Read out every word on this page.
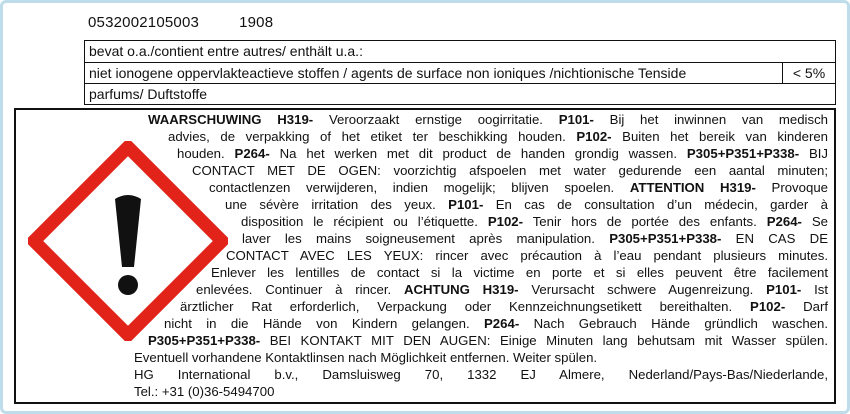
0532002105003	1908
bevat o.a./contient entre autres/ enthält u.a.:
niet ionogene oppervlakteactieve stoffen / agents de surface non ioniques /nichtionische Tenside	< 5%
parfums/ Duftstoffe
WAARSCHUWING H319- Veroorzaakt ernstige oogirritatie. P101- Bij het inwinnen van medisch
advies, de verpakking of het etiket ter beschikking houden. P102- Buiten het bereik van kinderen
houden. P264- Na het werken met dit product de handen grondig wassen. P305+P351+P338- BIJ
CONTACT MET DE OGEN: voorzichtig afspoelen met water gedurende een aantal minuten;
contactlenzen verwijderen, indien mogelijk; blijven spoelen. ATTENTION H319- Provoque
une sévère irritation des yeux. P101- En cas de consultation d’un médecin, garder à
disposition le récipient ou l’étiquette. P102- Tenir hors de portée des enfants. P264- Se
laver les mains soigneusement après manipulation. P305+P351+P338- EN CAS DE
CONTACT AVEC LES YEUX: rincer avec précaution à l’eau pendant plusieurs minutes.
Enlever les lentilles de contact si la victime en porte et si elles peuvent être facilement
enlevées. Continuer à rincer. ACHTUNG H319- Verursacht schwere Augenreizung. P101- Ist
ärztlicher Rat erforderlich, Verpackung oder Kennzeichnungsetikett bereithalten. P102- Darf
nicht in die Hände von Kindern gelangen. P264- Nach Gebrauch Hände gründlich waschen.
P305+P351+P338- BEI KONTAKT MIT DEN AUGEN: Einige Minuten lang behutsam mit Wasser spülen.
Eventuell vorhandene Kontaktlinsen nach Möglichkeit entfernen. Weiter spülen.
HG International b.v., Damsluisweg 70, 1332 EJ Almere, Nederland/Pays-Bas/Niederlande,
Tel.: +31 (0)36-5494700
